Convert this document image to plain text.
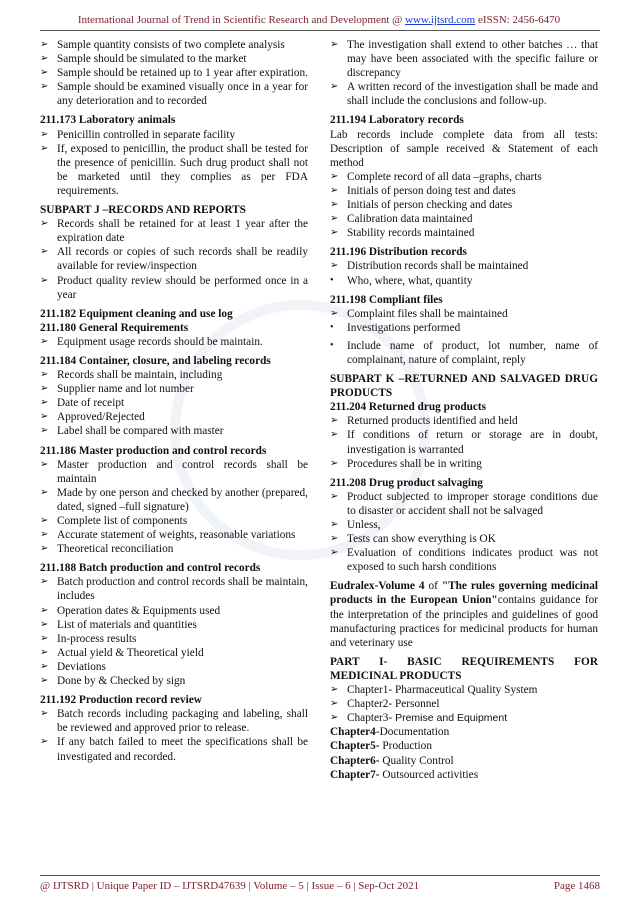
International Journal of Trend in Scientific Research and Development @ www.ijtsrd.com eISSN: 2456-6470
➢ Sample quantity consists of two complete analysis
➢ Sample should be simulated to the market
➢ Sample should be retained up to 1 year after expiration.
➢ Sample should be examined visually once in a year for any deterioration and to recorded
211.173 Laboratory animals
➢ Penicillin controlled in separate facility
➢ If, exposed to penicillin, the product shall be tested for the presence of penicillin. Such drug product shall not be marketed until they complies as per FDA requirements.
SUBPART J –RECORDS AND REPORTS
➢ Records shall be retained for at least 1 year after the expiration date
➢ All records or copies of such records shall be readily available for review/inspection
➢ Product quality review should be performed once in a year
211.182 Equipment cleaning and use log
211.180 General Requirements
➢ Equipment usage records should be maintain.
211.184 Container, closure, and labeling records
➢ Records shall be maintain, including
➢ Supplier name and lot number
➢ Date of receipt
➢ Approved/Rejected
➢ Label shall be compared with master
211.186 Master production and control records
➢ Master production and control records shall be maintain
➢ Made by one person and checked by another (prepared, dated, signed –full signature)
➢ Complete list of components
➢ Accurate statement of weights, reasonable variations
➢ Theoretical reconciliation
211.188 Batch production and control records
➢ Batch production and control records shall be maintain, includes
➢ Operation dates & Equipments used
➢ List of materials and quantities
➢ In-process results
➢ Actual yield & Theoretical yield
➢ Deviations
➢ Done by & Checked by sign
211.192 Production record review
➢ Batch records including packaging and labeling, shall be reviewed and approved prior to release.
➢ If any batch failed to meet the specifications shall be investigated and recorded.
➢ The investigation shall extend to other batches … that may have been associated with the specific failure or discrepancy
➢ A written record of the investigation shall be made and shall include the conclusions and follow-up.
211.194 Laboratory records
Lab records include complete data from all tests: Description of sample received & Statement of each method
➢ Complete record of all data –graphs, charts
➢ Initials of person doing test and dates
➢ Initials of person checking and dates
➢ Calibration data maintained
➢ Stability records maintained
211.196 Distribution records
➢ Distribution records shall be maintained
•	Who, where, what, quantity
211.198 Compliant files
➢ Complaint files shall be maintained
•	Investigations performed
•	Include name of product, lot number, name of complainant, nature of complaint, reply
SUBPART K –RETURNED AND SALVAGED DRUG PRODUCTS
211.204 Returned drug products
➢ Returned products identified and held
➢ If conditions of return or storage are in doubt, investigation is warranted
➢ Procedures shall be in writing
211.208 Drug product salvaging
➢ Product subjected to improper storage conditions due to disaster or accident shall not be salvaged
➢ Unless,
➢ Tests can show everything is OK
➢ Evaluation of conditions indicates product was not exposed to such harsh conditions
Eudralex-Volume 4 of "The rules governing medicinal products in the European Union"contains guidance for the interpretation of the principles and guidelines of good manufacturing practices for medicinal products for human and veterinary use
PART I- BASIC REQUIREMENTS FOR MEDICINAL PRODUCTS
➢ Chapter1- Pharmaceutical Quality System
➢ Chapter2- Personnel
➢ Chapter3- Premise and Equipment
Chapter4-Documentation
Chapter5- Production
Chapter6- Quality Control
Chapter7- Outsourced activities
@ IJTSRD | Unique Paper ID – IJTSRD47639 | Volume – 5 | Issue – 6 | Sep-Oct 2021	Page 1468
